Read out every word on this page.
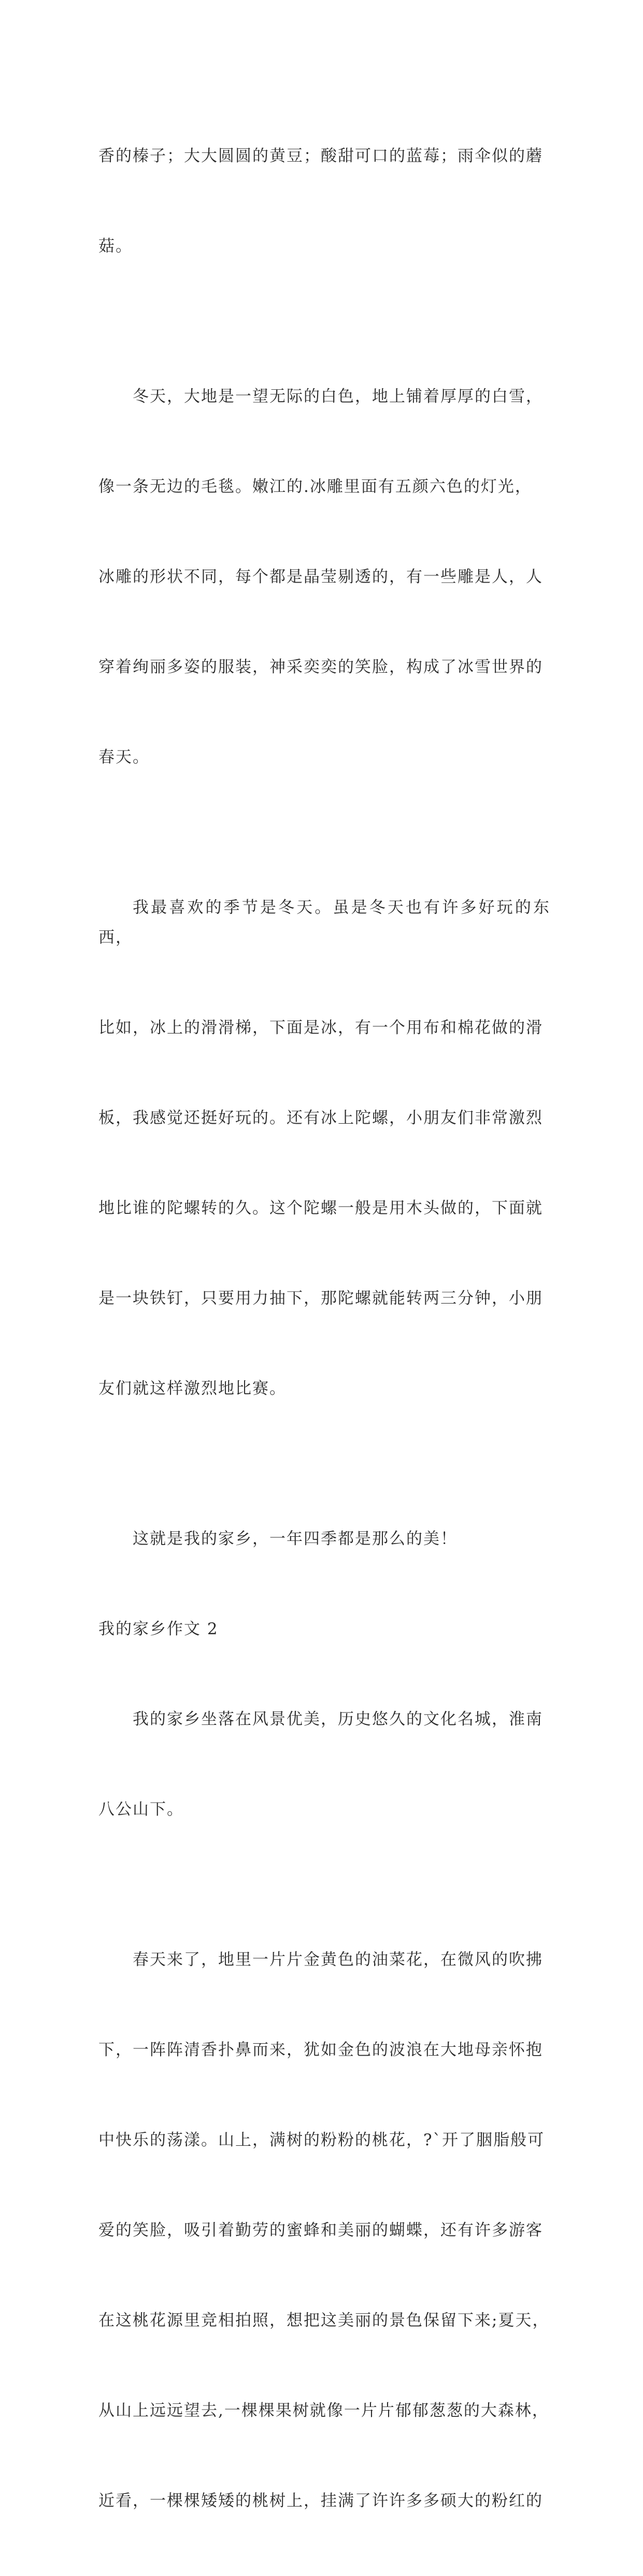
香的榛子；大大圆圆的黄豆；酸甜可口的蓝莓；雨伞似的蘑

菇。

冬天，大地是一望无际的白色，地上铺着厚厚的白雪，

像一条无边的毛毯。嫩江的.冰雕里面有五颜六色的灯光，

冰雕的形状不同，每个都是晶莹剔透的，有一些雕是人，人

穿着绚丽多姿的服装，神采奕奕的笑脸，构成了冰雪世界的

春天。

我最喜欢的季节是冬天。虽是冬天也有许多好玩的东西，

比如，冰上的滑滑梯，下面是冰，有一个用布和棉花做的滑

板，我感觉还挺好玩的。还有冰上陀螺，小朋友们非常激烈

地比谁的陀螺转的久。这个陀螺一般是用木头做的，下面就

是一块铁钉，只要用力抽下，那陀螺就能转两三分钟，小朋

友们就这样激烈地比赛。

这就是我的家乡，一年四季都是那么的美！

我的家乡作文 2

我的家乡坐落在风景优美，历史悠久的文化名城，淮南

八公山下。

春天来了，地里一片片金黄色的油菜花，在微风的吹拂

下，一阵阵清香扑鼻而来，犹如金色的波浪在大地母亲怀抱

中快乐的荡漾。山上，满树的粉粉的桃花，?`开了胭脂般可

爱的笑脸，吸引着勤劳的蜜蜂和美丽的蝴蝶，还有许多游客

在这桃花源里竞相拍照，想把这美丽的景色保留下来;夏天，

从山上远远望去,一棵棵果树就像一片片郁郁葱葱的大森林，

近看，一棵棵矮矮的桃树上，挂满了许许多多硕大的粉红的
